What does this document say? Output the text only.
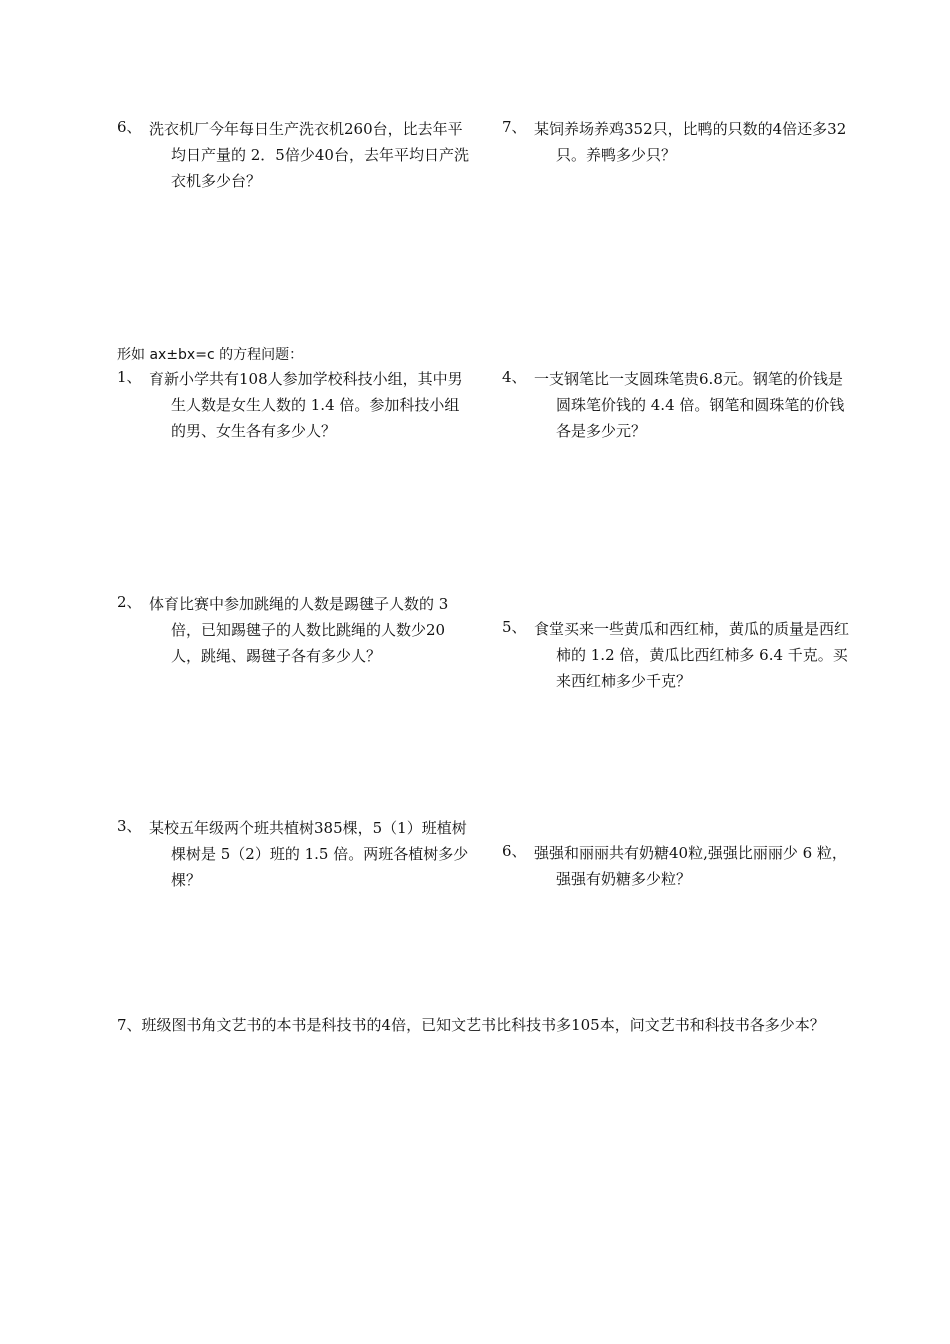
6、 洗衣机厂今年每日生产洗衣机260台，比去年平均日产量的 2．5倍少40台，去年平均日产洗衣机多少台？
7、 某饲养场养鸡352只，比鸭的只数的4倍还多32只。养鸭多少只？
形如 ax±bx=c 的方程问题：
1、 育新小学共有108人参加学校科技小组，其中男生人数是女生人数的 1.4 倍。参加科技小组的男、女生各有多少人？
2、 体育比赛中参加跳绳的人数是踢毽子人数的 3 倍，已知踢毽子的人数比跳绳的人数少20人，跳绳、踢毽子各有多少人？
3、 某校五年级两个班共植树385棵，5（1）班植树棵树是 5（2）班的 1.5 倍。两班各植树多少棵？
4、 一支钢笔比一支圆珠笔贵6.8元。钢笔的价钱是圆珠笔价钱的 4.4 倍。钢笔和圆珠笔的价钱各是多少元？
5、 食堂买来一些黄瓜和西红柿，黄瓜的质量是西红柿的 1.2 倍，黄瓜比西红柿多 6.4 千克。买来西红柿多少千克？
6、 强强和丽丽共有奶糖40粒,强强比丽丽少 6 粒，强强有奶糖多少粒？
7、班级图书角文艺书的本书是科技书的4倍，已知文艺书比科技书多105本，问文艺书和科技书各多少本？
